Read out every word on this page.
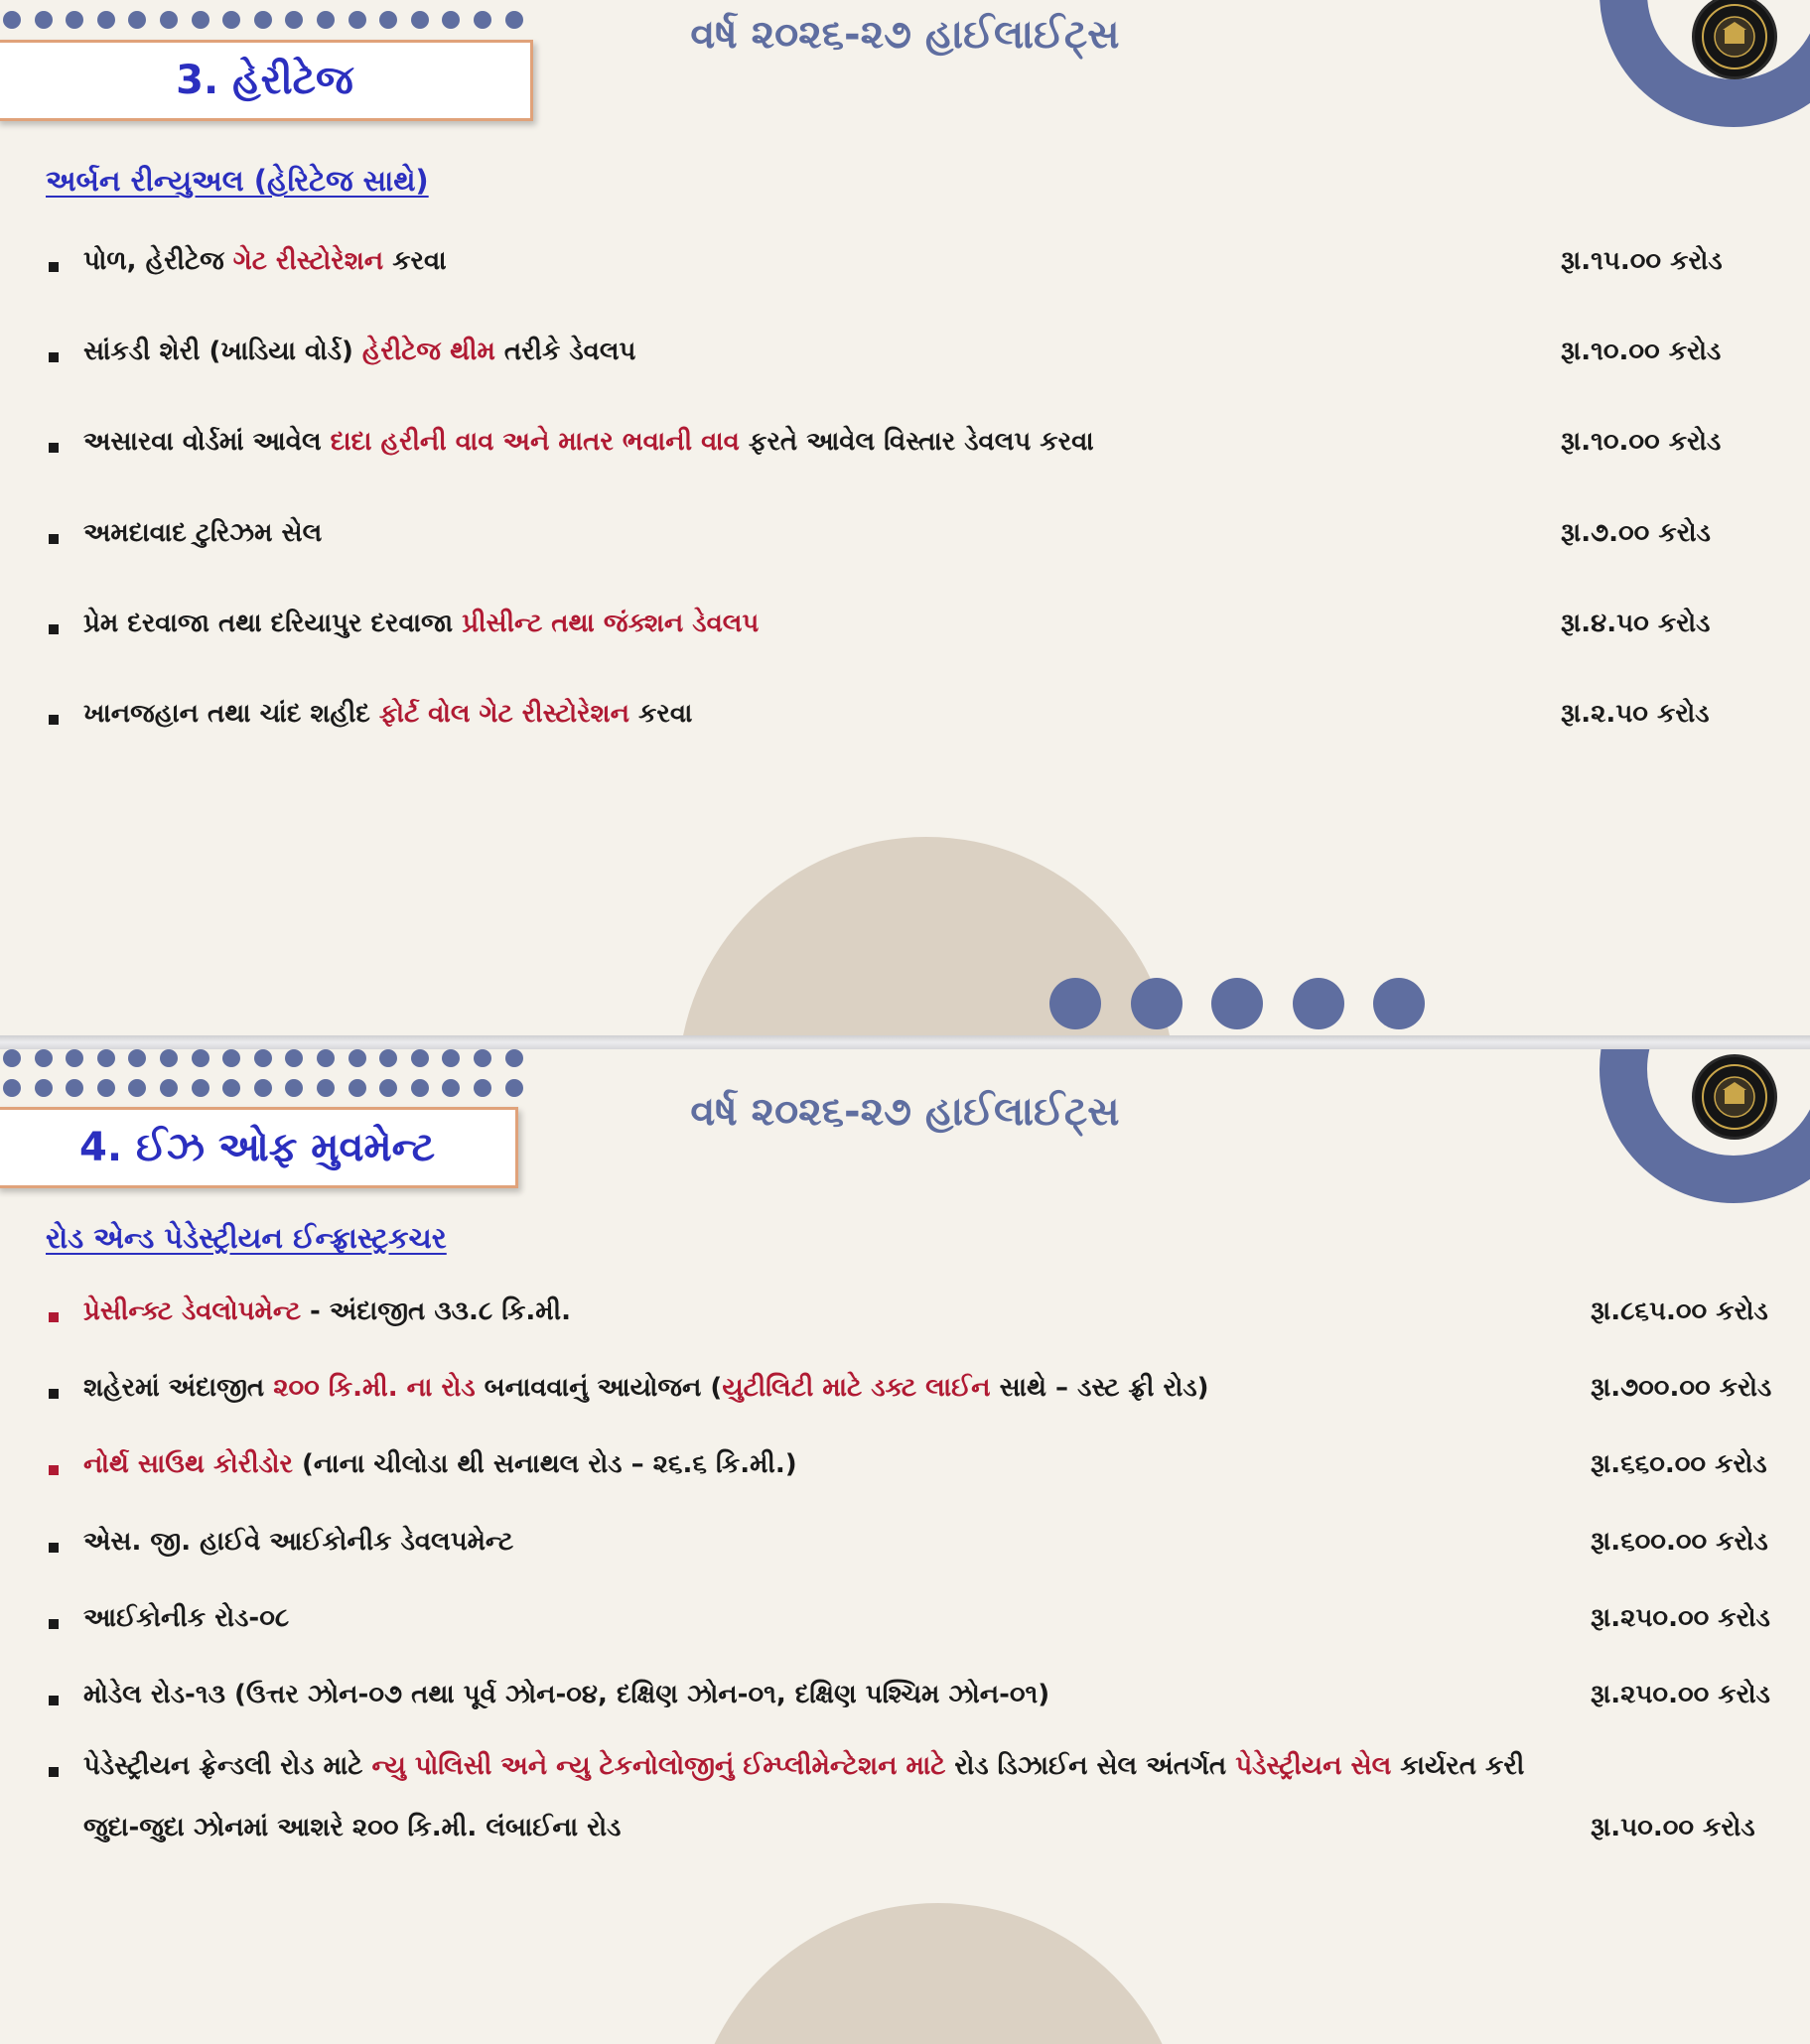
વર્ષ ૨૦૨૬-૨૭ હાઈલાઈટ્સ
3. હેરીટેજ
અર્બન રીન્યુઅલ (હેરિટેજ સાથે)
પોળ, હેરીટેજ ગેટ રીસ્ટોરેશન કરવા	રૂા.૧૫.૦૦ કરોડ
સાંકડી શેરી (ખાડિયા વોર્ડ) હેરીટેજ થીમ તરીકે ડેવલપ	રૂા.૧૦.૦૦ કરોડ
અસારવા વોર્ડમાં આવેલ દાદા હરીની વાવ અને માતર ભવાની વાવ ફરતે આવેલ વિસ્તાર ડેવલપ કરવા	રૂા.૧૦.૦૦ કરોડ
અમદાવાદ ટુરિઝમ સેલ	રૂા.૭.૦૦ કરોડ
પ્રેમ દરવાજા તથા દરિયાપુર દરવાજા પ્રીસીન્ટ તથા જંક્શન ડેવલપ	રૂા.૪.૫૦ કરોડ
ખાનજહાન તથા ચાંદ શહીદ ફોર્ટ વોલ ગેટ રીસ્ટોરેશન કરવા	રૂા.૨.૫૦ કરોડ
વર્ષ ૨૦૨૬-૨૭ હાઈલાઈટ્સ
4. ઈઝ ઓફ મુવમેન્ટ
રોડ એન્ડ પેડેસ્ટ્રીયન ઈન્ફ્રાસ્ટ્રકચર
પ્રેસીન્ક્ટ ડેવલોપમેન્ટ - અંદાજીત ૩૩.૮ કિ.મી.	રૂા.૮૬૫.૦૦ કરોડ
શહેરમાં અંદાજીત ૨૦૦ કિ.મી. ના રોડ બનાવવાનું આયોજન (યુટીલિટી માટે ડક્ટ લાઈન સાથે – ડસ્ટ ફ્રી રોડ)	રૂા.૭૦૦.૦૦ કરોડ
નોર્થ સાઉથ કોરીડોર (નાના ચીલોડા થી સનાથલ રોડ – ૨૬.૬ કિ.મી.)	રૂા.૬૬૦.૦૦ કરોડ
એસ. જી. હાઈવે આઈકોનીક ડેવલપમેન્ટ	રૂા.૬૦૦.૦૦ કરોડ
આઈકોનીક રોડ-૦૮	રૂા.૨૫૦.૦૦ કરોડ
મોડેલ રોડ-૧૩ (ઉત્તર ઝોન-૦૭ તથા પૂર્વ ઝોન-૦૪, દક્ષિણ ઝોન-૦૧, દક્ષિણ પશ્ચિમ ઝોન-૦૧)	રૂા.૨૫૦.૦૦ કરોડ
પેડેસ્ટ્રીયન ફ્રેન્ડલી રોડ માટે ન્યુ પોલિસી અને ન્યુ ટેકનોલોજીનું ઈમ્પ્લીમેન્ટેશન માટે રોડ ડિઝાઈન સેલ અંતર્ગત પેડેસ્ટ્રીયન સેલ કાર્યરત કરી
જુદા-જુદા ઝોનમાં આશરે ૨૦૦ કિ.મી. લંબાઈના રોડ	રૂા.૫૦.૦૦ કરોડ
